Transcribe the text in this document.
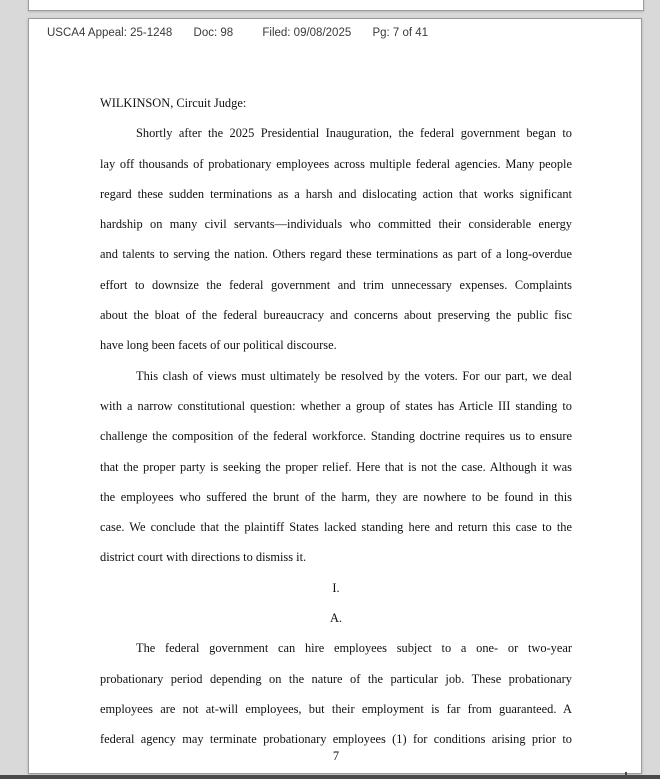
USCA4 Appeal: 25-1248 Doc: 98	Filed: 09/08/2025 Pg: 7 of 41
WILKINSON, Circuit Judge:
Shortly after the 2025 Presidential Inauguration, the federal government began to
lay off thousands of probationary employees across multiple federal agencies. Many people
regard these sudden terminations as a harsh and dislocating action that works significant
hardship on many civil servants—individuals who committed their considerable energy
and talents to serving the nation. Others regard these terminations as part of a long-overdue
effort to downsize the federal government and trim unnecessary expenses. Complaints
about the bloat of the federal bureaucracy and concerns about preserving the public fisc
have long been facets of our political discourse.
This clash of views must ultimately be resolved by the voters. For our part, we deal
with a narrow constitutional question: whether a group of states has Article III standing to
challenge the composition of the federal workforce. Standing doctrine requires us to ensure
that the proper party is seeking the proper relief. Here that is not the case. Although it was
the employees who suffered the brunt of the harm, they are nowhere to be found in this
case. We conclude that the plaintiff States lacked standing here and return this case to the
district court with directions to dismiss it.
I.
A.
The federal government can hire employees subject to a one- or two-year
probationary period depending on the nature of the particular job. These probationary
employees are not at-will employees, but their employment is far from guaranteed. A
federal agency may terminate probationary employees (1) for conditions arising prior to
7
